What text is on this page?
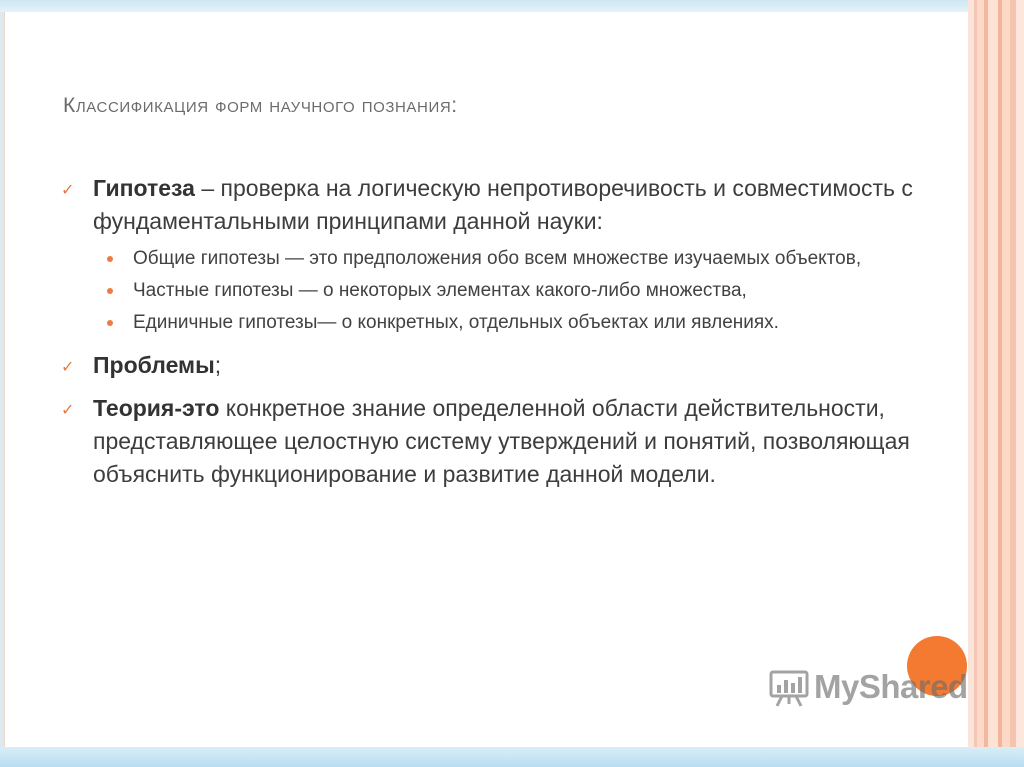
Классификация форм научного познания:
✓ Гипотеза – проверка на логическую непротиворечивость и совместимость с фундаментальными принципами данной науки:
Общие гипотезы — это предположения обо всем множестве изучаемых объектов,
Частные гипотезы — о некоторых элементах какого-либо множества,
Единичные гипотезы— о конкретных, отдельных объектах или явлениях.
✓ Проблемы;
✓ Теория-это конкретное знание определенной области действительности, представляющее целостную систему утверждений и понятий, позволяющая объяснить функционирование и развитие данной модели.
MyShared
